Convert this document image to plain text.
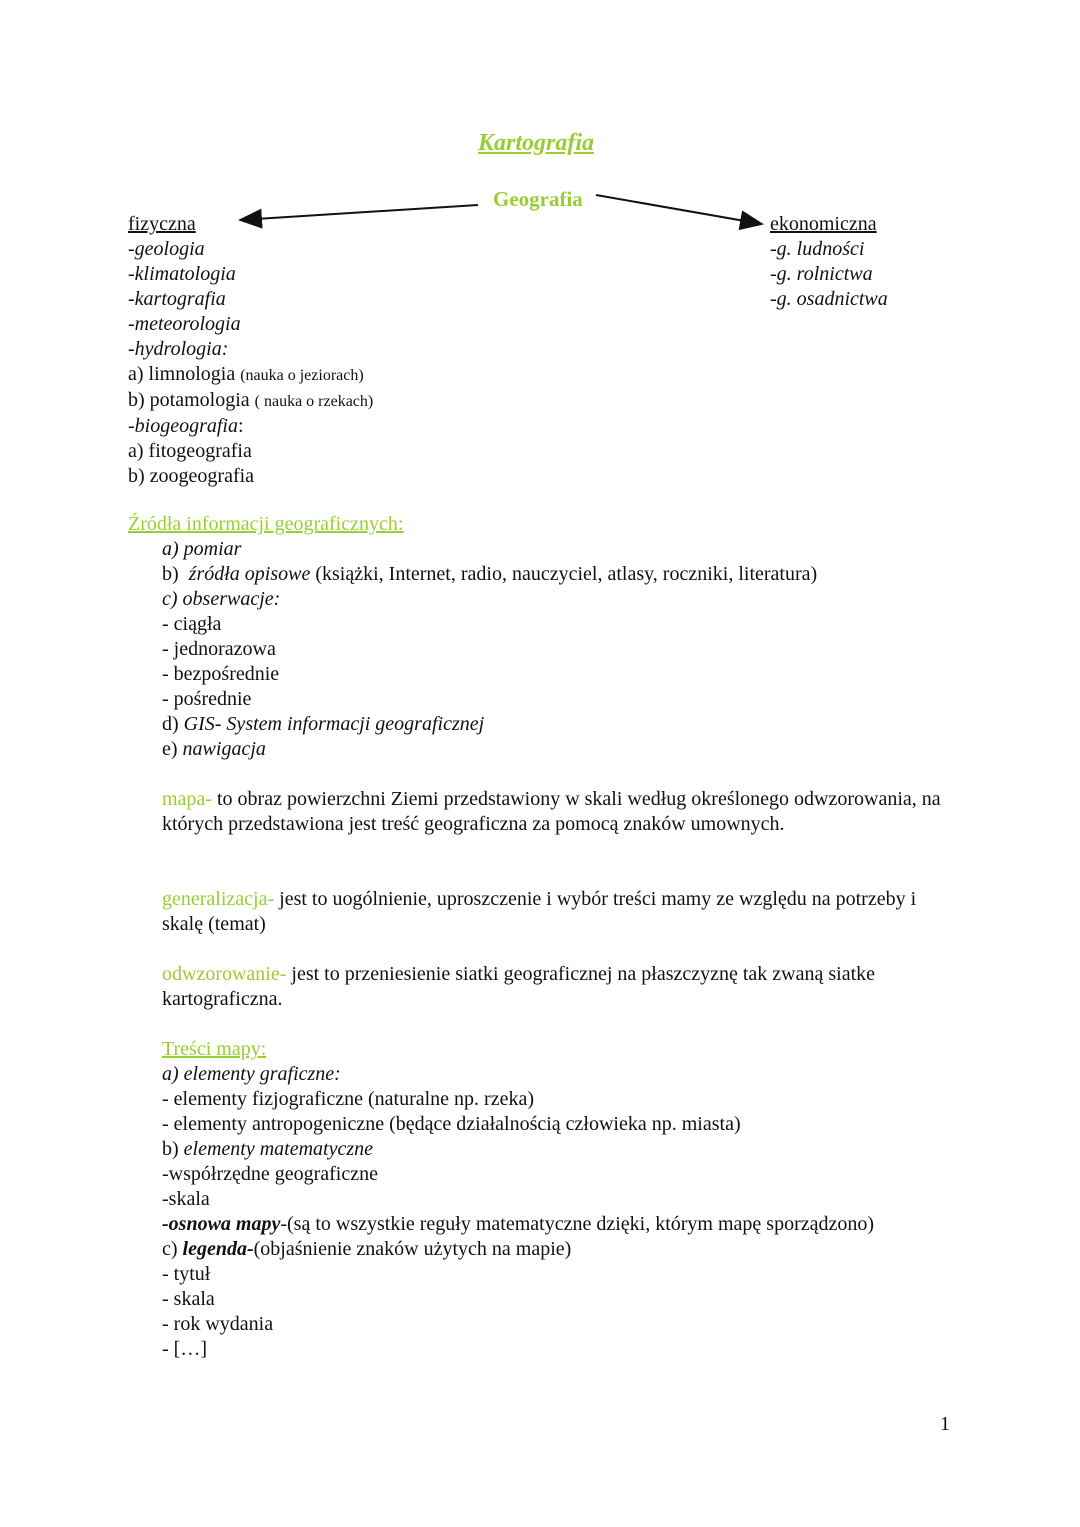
Kartografia
Geografia
fizyczna
-geologia
-klimatologia
-kartografia
-meteorologia
-hydrologia:
a) limnologia (nauka o jeziorach)
b) potamologia ( nauka o rzekach)
-biogeografia:
a) fitogeografia
b) zoogeografia
ekonomiczna
-g. ludności
-g. rolnictwa
-g. osadnictwa
Źródła informacji geograficznych:
a) pomiar
b)  źródła opisowe (książki, Internet, radio, nauczyciel, atlasy, roczniki, literatura)
c) obserwacje:
- ciągła
- jednorazowa
- bezpośrednie
- pośrednie
d) GIS- System informacji geograficznej
e) nawigacja
mapa- to obraz powierzchni Ziemi przedstawiony w skali według określonego odwzorowania, na których przedstawiona jest treść geograficzna za pomocą znaków umownych.
generalizacja- jest to uogólnienie, uproszczenie i wybór treści mamy ze względu na potrzeby i skalę (temat)
odwzorowanie- jest to przeniesienie siatki geograficznej na płaszczyznę tak zwaną siatke kartograficzna.
Treści mapy:
a) elementy graficzne:
- elementy fizjograficzne (naturalne np. rzeka)
- elementy antropogeniczne (będące działalnością człowieka np. miasta)
b) elementy matematyczne
-współrzędne geograficzne
-skala
-osnowa mapy-(są to wszystkie reguły matematyczne dzięki, którym mapę sporządzono)
c) legenda-(objaśnienie znaków użytych na mapie)
- tytuł
- skala
- rok wydania
- […]
1
